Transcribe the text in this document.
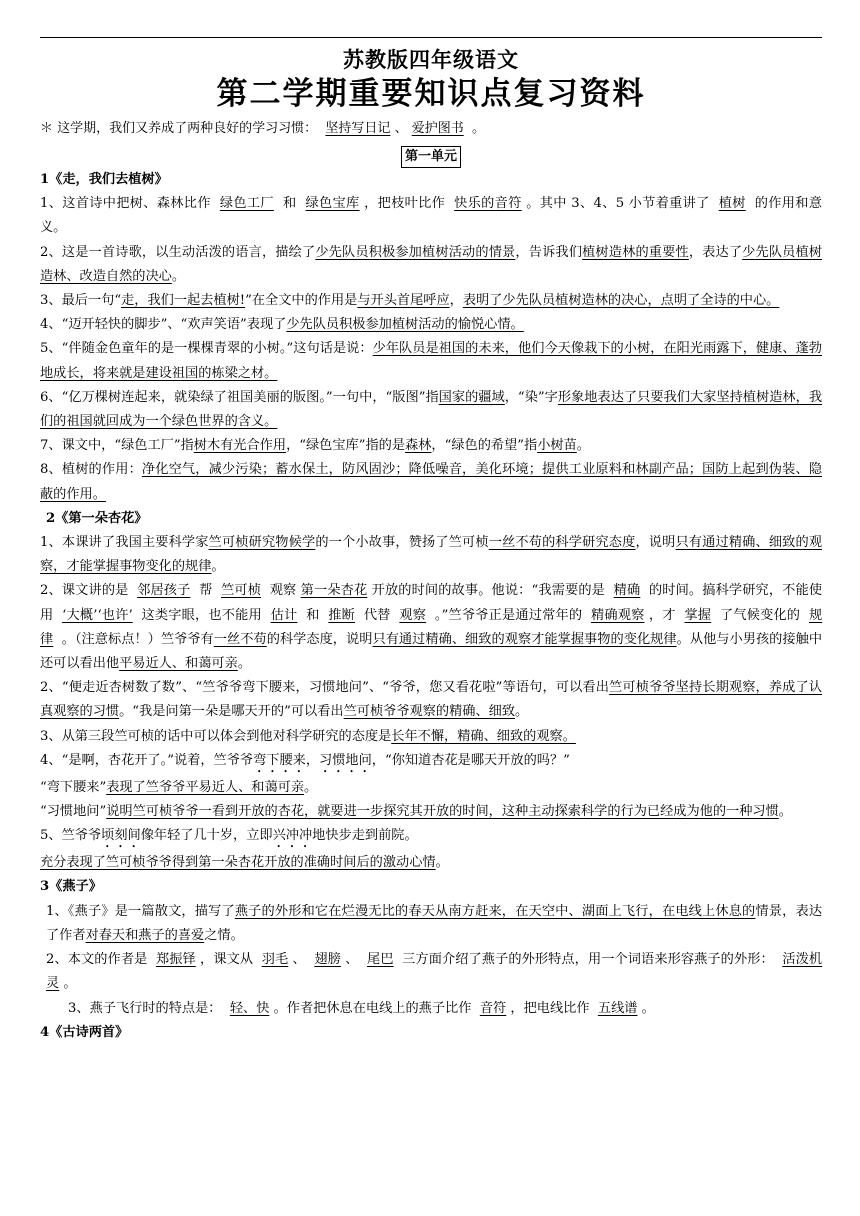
苏教版四年级语文
第二学期重要知识点复习资料
＊ 这学期，我们又养成了两种良好的学习习惯： 坚持写日记 、 爱护图书 。
第一单元

1《走，我们去植树》

1、这首诗中把树、森林比作 绿色工厂 和 绿色宝库 ，把枝叶比作 快乐的音符 。其中 3、4、5 小节着重讲了 植树 的作用和意义。

2、这是一首诗歌，以生动活泼的语言，描绘了少先队员积极参加植树活动的情景，告诉我们植树造林的重要性，表达了少先队员植树造林、改造自然的决心。

3、最后一句“走，我们一起去植树!”在全文中的作用是与开头首尾呼应，表明了少先队员植树造林的决心，点明了全诗的中心。

4、“迈开轻快的脚步”、“欢声笑语”表现了少先队员积极参加植树活动的愉悦心情。

5、“伴随金色童年的是一棵棵青翠的小树。”这句话是说：少年队员是祖国的未来，他们今天像栽下的小树，在阳光雨露下，健康、蓬勃地成长，将来就是建设祖国的栋梁之材。

6、“亿万棵树连起来，就染绿了祖国美丽的版图。”一句中，“版图”指国家的疆域，“染”字形象地表达了只要我们大家坚持植树造林，我们的祖国就回成为一个绿色世界的含义。

7、课文中，“绿色工厂”指树木有光合作用，“绿色宝库”指的是森林，“绿色的希望”指小树苗。

8、植树的作用：净化空气，减少污染；蓄水保土，防风固沙；降低噪音，美化环境；提供工业原料和林副产品；国防上起到伪装、隐蔽的作用。

2《第一朵杏花》

1、本课讲了我国主要科学家竺可桢研究物候学的一个小故事，赞扬了竺可桢一丝不苟的科学研究态度，说明只有通过精确、细致的观察，才能掌握事物变化的规律。

2、课文讲的是 邻居孩子 帮 竺可桢 观察 第一朵杏花 开放的时间的故事。他说：“我需要的是 精确 的时间。搞科学研究，不能使用 ‘大概’‘也许’ 这类字眼，也不能用 估计 和 推断 代替 观察 。”竺爷爷正是通过常年的 精确观察 ，才 掌握 了气候变化的 规律 。（注意标点！）竺爷爷有一丝不苟的科学态度，说明只有通过精确、细致的观察才能掌握事物的变化规律。从他与小男孩的接触中还可以看出他平易近人、和蔼可亲。

2、“便走近杏树数了数”、“竺爷爷弯下腰来，习惯地问”、“爷爷，您又看花啦”等语句，可以看出竺可桢爷爷坚持长期观察，养成了认真观察的习惯。“我是问第一朵是哪天开的”可以看出竺可桢爷爷观察的精确、细致。

3、从第三段竺可桢的话中可以体会到他对科学研究的态度是长年不懈，精确、细致的观察。

4、“是啊，杏花开了。”说着，竺爷爷弯下腰来，习惯地问，“你知道杏花是哪天开放的吗？”

“弯下腰来”表现了竺爷爷平易近人、和蔼可亲。

“习惯地问”说明竺可桢爷爷一看到开放的杏花，就要进一步探究其开放的时间，这种主动探索科学的行为已经成为他的一种习惯。

5、竺爷爷顷刻间像年轻了几十岁，立即兴冲冲地快步走到前院。

充分表现了竺可桢爷爷得到第一朵杏花开放的准确时间后的激动心情。

3《燕子》

1、《燕子》是一篇散文，描写了燕子的外形和它在烂漫无比的春天从南方赶来，在天空中、湖面上飞行，在电线上休息的情景，表达了作者对春天和燕子的喜爱之情。

2、本文的作者是 郑振铎 ，课文从 羽毛 、 翅膀 、 尾巴 三方面介绍了燕子的外形特点，用一个词语来形容燕子的外形： 活泼机灵 。

3、燕子飞行时的特点是： 轻、快 。作者把休息在电线上的燕子比作 音符 ，把电线比作 五线谱 。

4《古诗两首》
